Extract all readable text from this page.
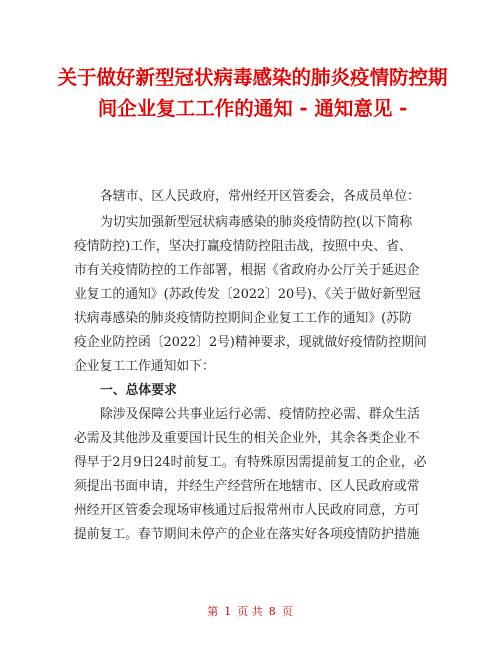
关于做好新型冠状病毒感染的肺炎疫情防控期
间企业复工工作的通知 - 通知意见 -
各辖市、区人民政府，常州经开区管委会，各成员单位：
为切实加强新型冠状病毒感染的肺炎疫情防控(以下简称
疫情防控)工作，坚决打赢疫情防控阻击战，按照中央、省、
市有关疫情防控的工作部署，根据《省政府办公厅关于延迟企
业复工的通知》(苏政传发〔2022〕20号)、《关于做好新型冠
状病毒感染的肺炎疫情防控期间企业复工工作的通知》(苏防
疫企业防控函〔2022〕2号)精神要求，现就做好疫情防控期间
企业复工工作通知如下：
一、总体要求
除涉及保障公共事业运行必需、疫情防控必需、群众生活
必需及其他涉及重要国计民生的相关企业外，其余各类企业不
得早于2月9日24时前复工。有特殊原因需提前复工的企业，必
须提出书面申请，并经生产经营所在地辖市、区人民政府或常
州经开区管委会现场审核通过后报常州市人民政府同意，方可
提前复工。春节期间未停产的企业在落实好各项疫情防护措施
第 1 页 共 8 页
